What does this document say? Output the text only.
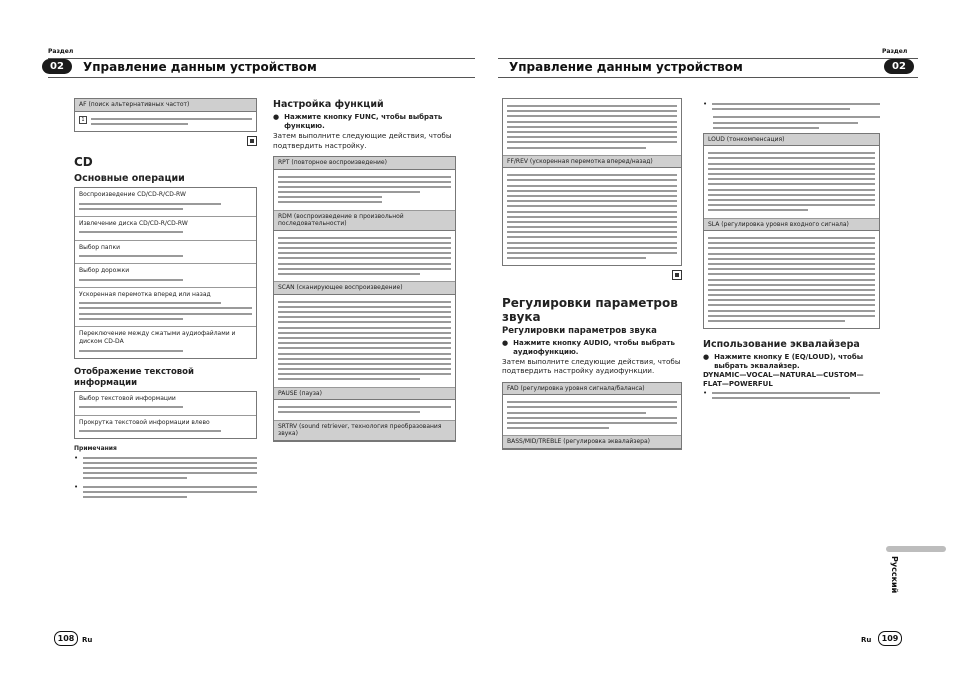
Раздел
02	Управление данным устройством
Раздел
Управление данным устройством	02
AF (поиск альтернативных частот)
1
CD
Основные операции
Воспроизведение CD/CD-R/CD-RW
Извлечение диска CD/CD-R/CD-RW
Выбор папки
Выбор дорожки
Ускоренная перемотка вперед или назад
Переключение между сжатыми аудиофайлами и диском CD-DA
Отображение текстовой информации
Выбор текстовой информации
Прокрутка текстовой информации влево
Примечания
•
•
Настройка функций
● Нажмите кнопку FUNC, чтобы выбрать функцию.
Затем выполните следующие действия, чтобы подтвердить настройку.
RPT (повторное воспроизведение)
RDM (воспроизведение в произвольной последовательности)
SCAN (сканирующее воспроизведение)
PAUSE (пауза)
SRTRV (sound retriever, технология преобразования звука)
FF/REV (ускоренная перемотка вперед/назад)
Регулировки параметров звука
Регулировки параметров звука
● Нажмите кнопку AUDIO, чтобы выбрать аудиофункцию.
Затем выполните следующие действия, чтобы подтвердить настройку аудиофункции.
FAD (регулировка уровня сигнала/баланса)
BASS/MID/TREBLE (регулировка эквалайзера)
•
LOUD (тонкомпенсация)
SLA (регулировка уровня входного сигнала)
Использование эквалайзера
● Нажмите кнопку E (EQ/LOUD), чтобы выбрать эквалайзер.
DYNAMIC—VOCAL—NATURAL—CUSTOM—FLAT—POWERFUL
•
Русский
108	Ru	Ru	109
